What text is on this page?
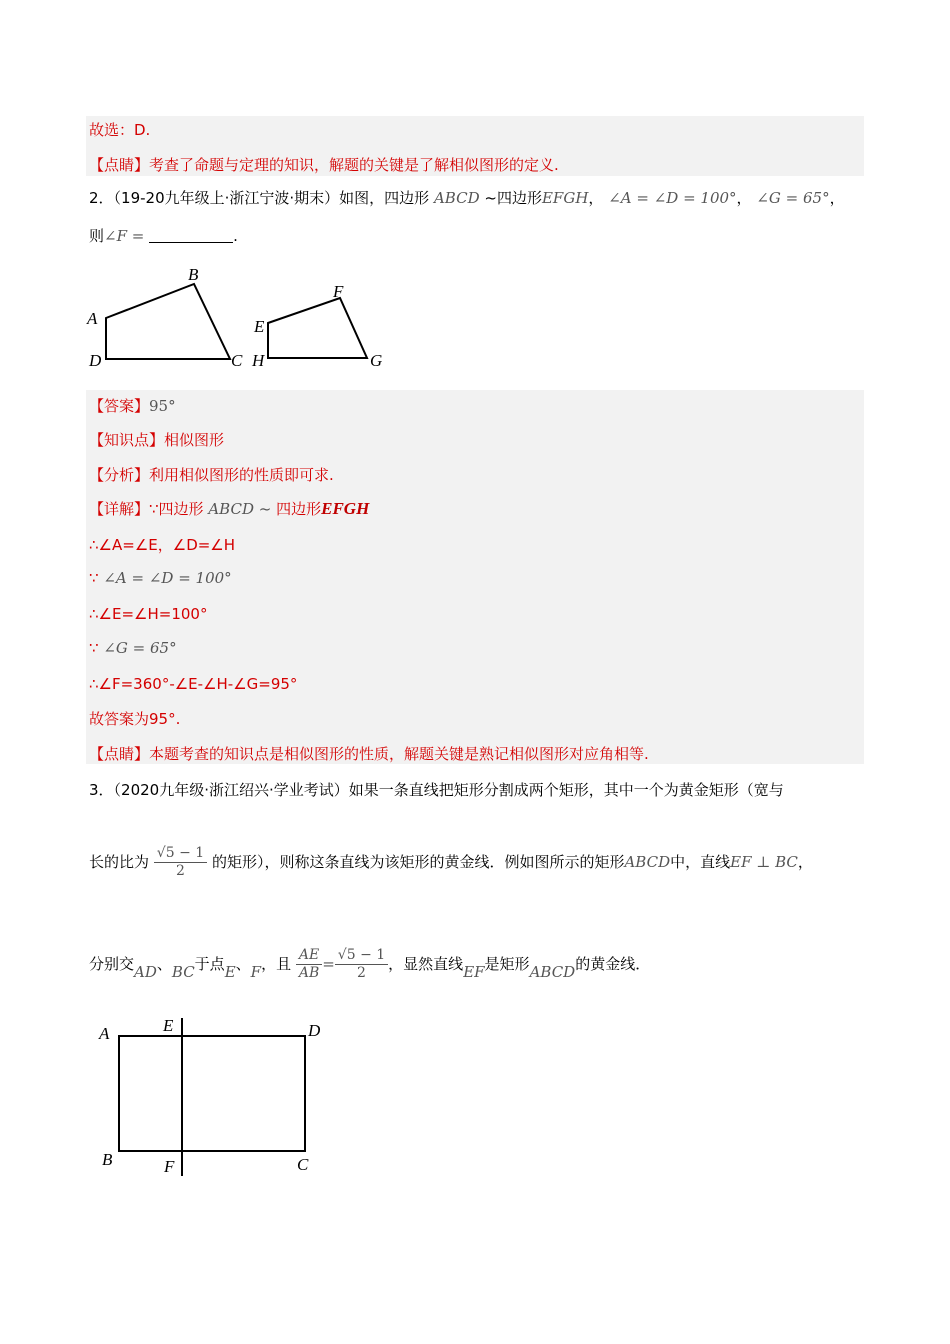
故选：D.
【点睛】考查了命题与定理的知识，解题的关键是了解相似图形的定义.
2．（19-20九年级上·浙江宁波·期末）如图，四边形 ABCD ~四边形EFGH， ∠A = ∠D = 100°， ∠G = 65°，
则∠F =	.
A
B
C
D
E
F
G
H
【答案】95°
【知识点】相似图形
【分析】利用相似图形的性质即可求.
【详解】∵四边形 ABCD ~ 四边形EFGH
∴∠A=∠E，∠D=∠H
∵ ∠A = ∠D = 100°
∴∠E=∠H=100°
∵ ∠G = 65°
∴∠F=360°-∠E-∠H-∠G=95°
故答案为95°.
【点睛】本题考查的知识点是相似图形的性质，解题关键是熟记相似图形对应角相等.
3．（2020九年级·浙江绍兴·学业考试）如果一条直线把矩形分割成两个矩形，其中一个为黄金矩形（宽与
长的比为 $\frac{√5 - 1}{2}$ 的矩形），则称这条直线为该矩形的黄金线．例如图所示的矩形ABCD中，直线EF ⊥ BC，
分别交AD、BC于点E、F，且 $\frac{AE}{AB} = \frac{√5 - 1}{2}$ ，显然直线EF是矩形ABCD的黄金线．
A	E	D
B	F	C
